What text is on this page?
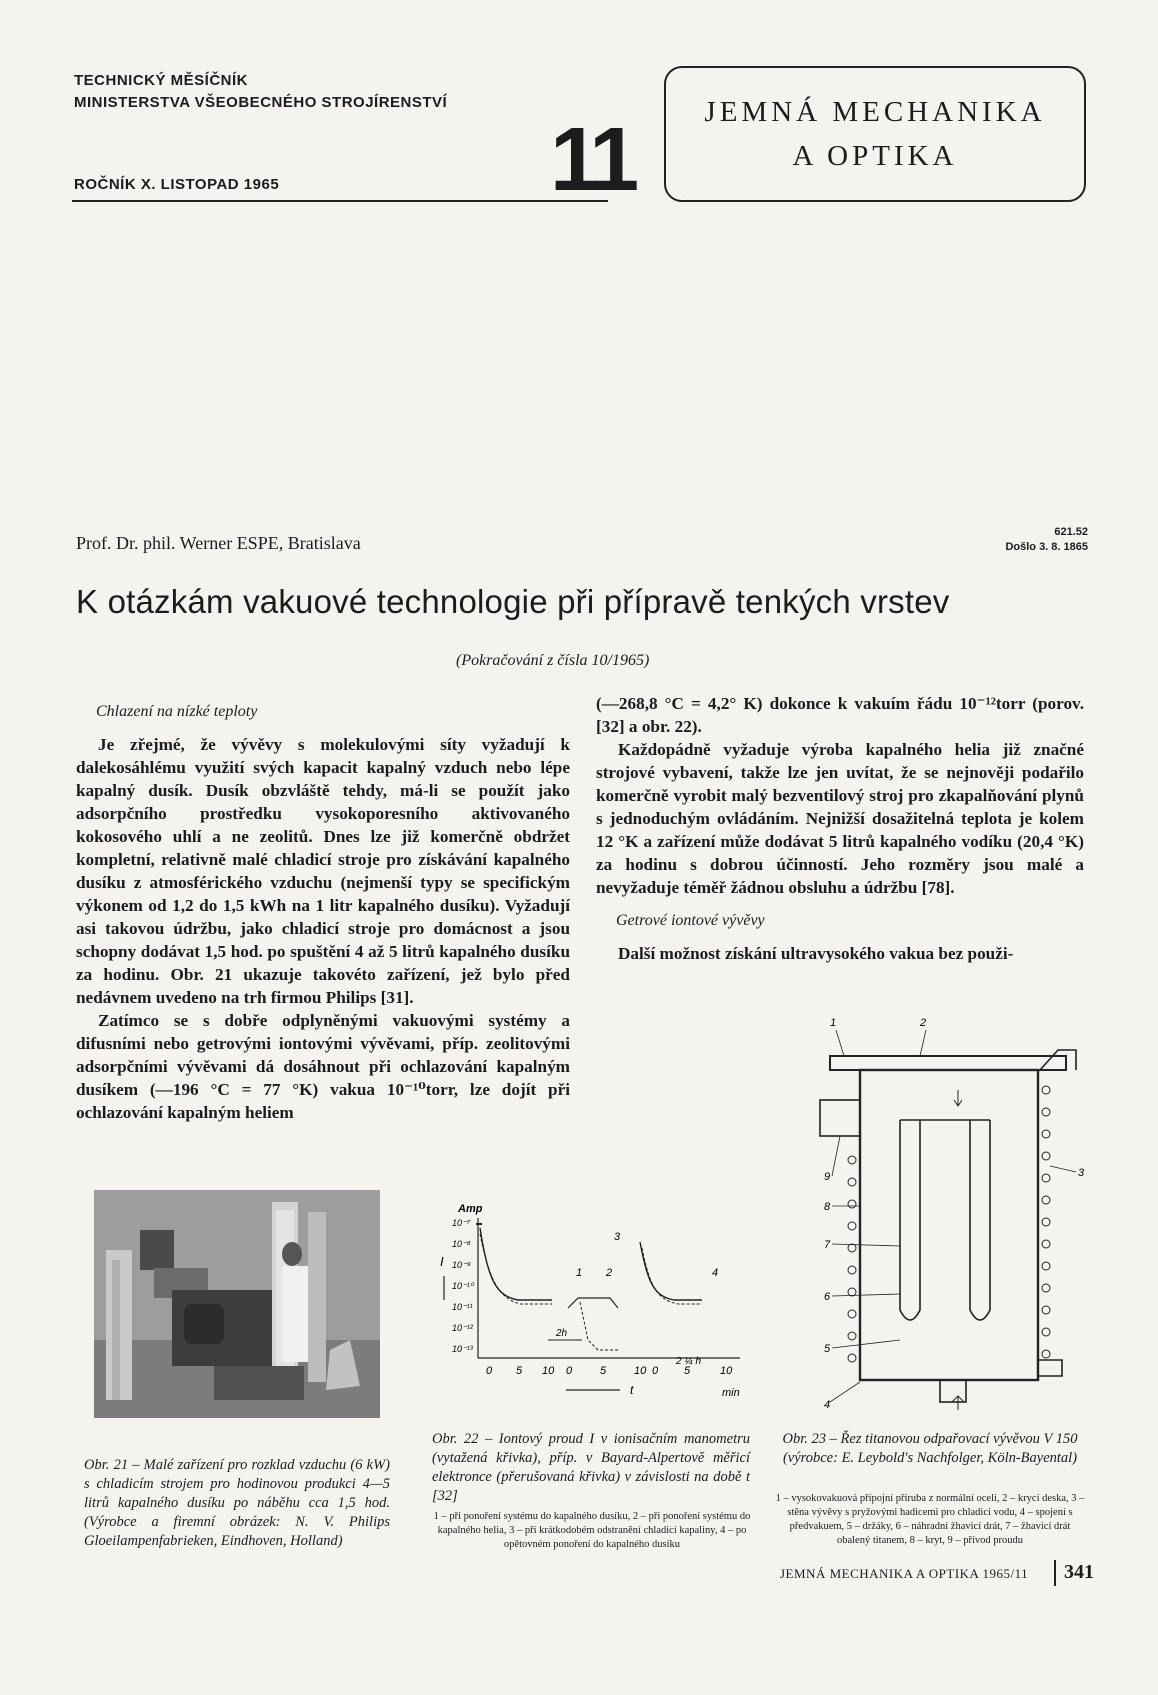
TECHNICKÝ MĚSÍČNÍK
MINISTERSTVA VŠEOBECNÉHO STROJÍRENSTVÍ
ROČNÍK X. LISTOPAD 1965	11	JEMNÁ MECHANIKA
A OPTIKA
Prof. Dr. phil. Werner ESPE, Bratislava
621.52
Došlo 3. 8. 1865
K otázkám vakuové technologie při přípravě tenkých vrstev
(Pokračování z čísla 10/1965)
Chlazení na nízké teploty

Je zřejmé, že vývěvy s molekulovými síty vyžadují k dalekosáhlému využití svých kapacit kapalný vzduch nebo lépe kapalný dusík. Dusík obzvláště tehdy, má-li se použít jako adsorpčního prostředku vysokoporesního aktivovaného kokosového uhlí a ne zeolitů. Dnes lze již komerčně obdržet kompletní, relativně malé chladicí stroje pro získávání kapalného dusíku z atmosférického vzduchu (nejmenší typy se specifickým výkonem od 1,2 do 1,5 kWh na 1 litr kapalného dusíku). Vyžadují asi takovou údržbu, jako chladicí stroje pro domácnost a jsou schopny dodávat 1,5 hod. po spuštění 4 až 5 litrů kapalného dusíku za hodinu. Obr. 21 ukazuje takovéto zařízení, jež bylo před nedávnem uvedeno na trh firmou Philips [31].

Zatímco se s dobře odplyněnými vakuovými systémy a difusními nebo getrovými iontovými vývěvami, příp. zeolitovými adsorpčními vývěvami dá dosáhnout při ochlazování kapalným dusíkem (—196 °C = 77 °K) vakua 10⁻¹⁰torr, lze dojít při ochlazování kapalným heliem

(—268,8 °C = 4,2° K) dokonce k vakuím řádu 10⁻¹²torr (porov. [32] a obr. 22).

Každopádně vyžaduje výroba kapalného helia již značné strojové vybavení, takže lze jen uvítat, že se nejnověji podařilo komerčně vyrobit malý bezventilový stroj pro zkapalňování plynů s jednoduchým ovládáním. Nejnižší dosažitelná teplota je kolem 12 °K a zařízení může dodávat 5 litrů kapalného vodíku (20,4 °K) za hodinu s dobrou účinností. Jeho rozměry jsou malé a nevyžaduje téměř žádnou obsluhu a údržbu [78].

Getrové iontové vývěvy

Další možnost získání ultravysokého vakua bez použi-

Obr. 21 – Malé zařízení pro rozklad vzduchu (6 kW) s chladicím strojem pro hodinovou produkci 4—5 litrů kapalného dusíku po náběhu cca 1,5 hod. (Výrobce a firemní obrázek: N. V. Philips Gloeilampenfabrieken, Eindhoven, Holland)
Amp
I
10⁻⁷
10⁻⁸
10⁻⁹
10⁻¹⁰
10⁻¹¹
10⁻¹²
10⁻¹³
1 2
3
4
2h
2 ¼ h
0 5 10 0	5	10 0 5	10
t	min
Obr. 22 – Iontový proud I v ionisačním manometru (vytažená křivka), příp. v Bayard-Alpertově měřicí elektronce (přerušovaná křivka) v závislosti na době t [32]
1 – při ponoření systému do kapalného dusíku, 2 – při ponoření systému do kapalného helia, 3 – při krátkodobém odstranění chladicí kapaliny, 4 – po opětovném ponoření do kapalného dusíku
1	2
3
4
5
6
7
8
9
Obr. 23 – Řez titanovou odpařovací vývěvou V 150 (výrobce: E. Leybold's Nachfolger, Köln-Bayental)
1 – vysokovakuová přípojní příruba z normální oceli, 2 – krycí deska, 3 – stěna vývěvy s pryžovými hadicemi pro chladicí vodu, 4 – spojení s předvakuem, 5 – držáky, 6 – náhradní žhavicí drát, 7 – žhavicí drát obalený titanem, 8 – kryt, 9 – přívod proudu
JEMNÁ MECHANIKA A OPTIKA 1965/11 341
